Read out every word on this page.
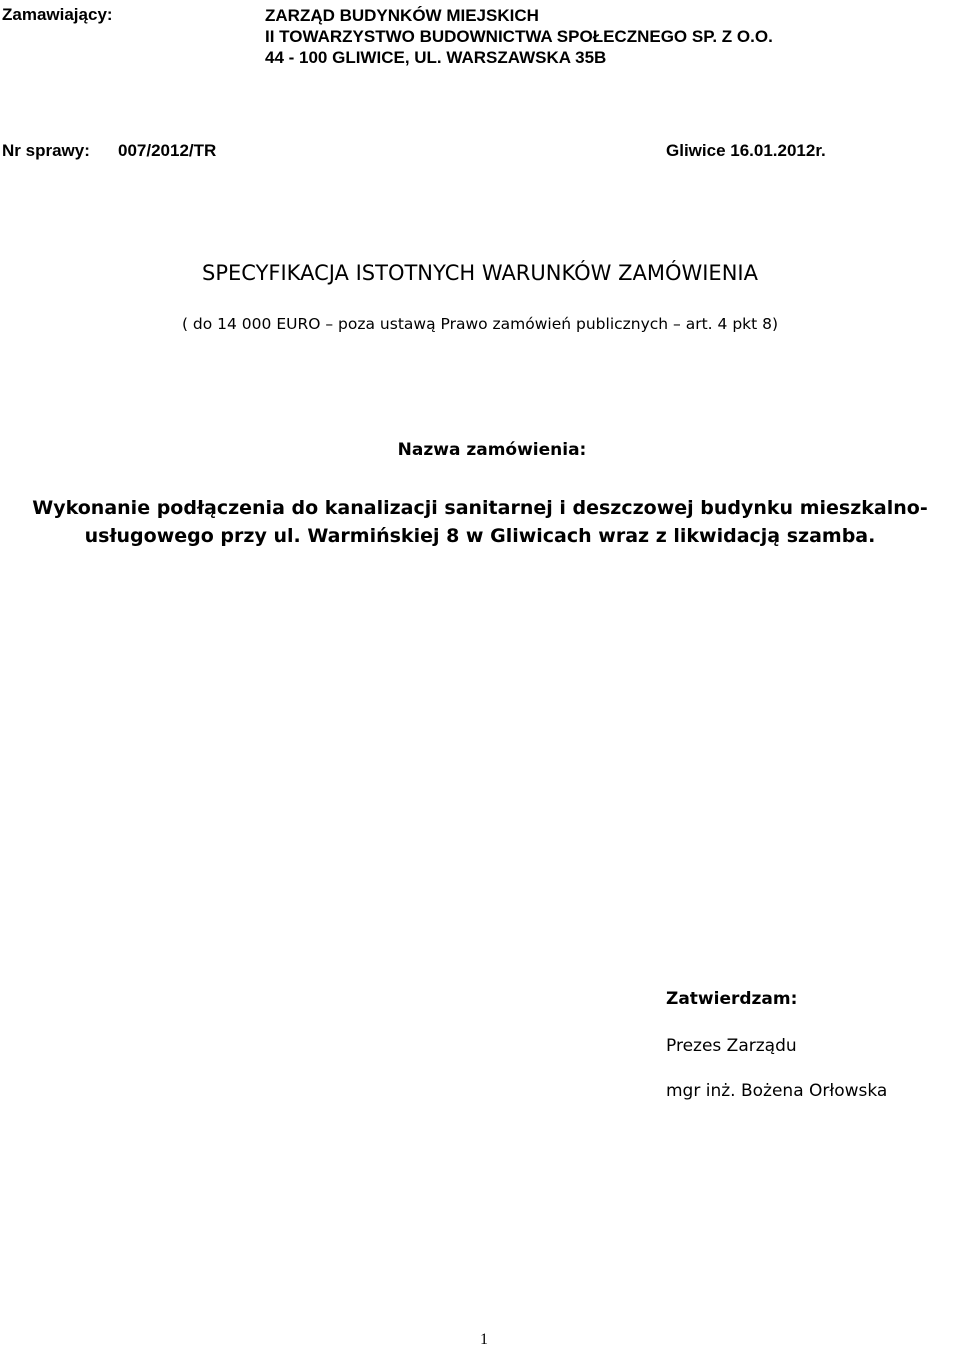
Zamawiający:	ZARZĄD BUDYNKÓW MIEJSKICH
II TOWARZYSTWO BUDOWNICTWA SPOŁECZNEGO SP. Z O.O.
44 - 100 GLIWICE, UL. WARSZAWSKA 35B
Nr sprawy: 007/2012/TR	Gliwice 16.01.2012r.
SPECYFIKACJA ISTOTNYCH WARUNKÓW ZAMÓWIENIA
( do 14 000 EURO – poza ustawą Prawo zamówień publicznych – art. 4 pkt 8)
Nazwa zamówienia:
Wykonanie podłączenia do kanalizacji sanitarnej i deszczowej budynku mieszkalno-
usługowego przy ul. Warmińskiej 8 w Gliwicach wraz z likwidacją szamba.
Zatwierdzam:
Prezes Zarządu
mgr inż. Bożena Orłowska
1
